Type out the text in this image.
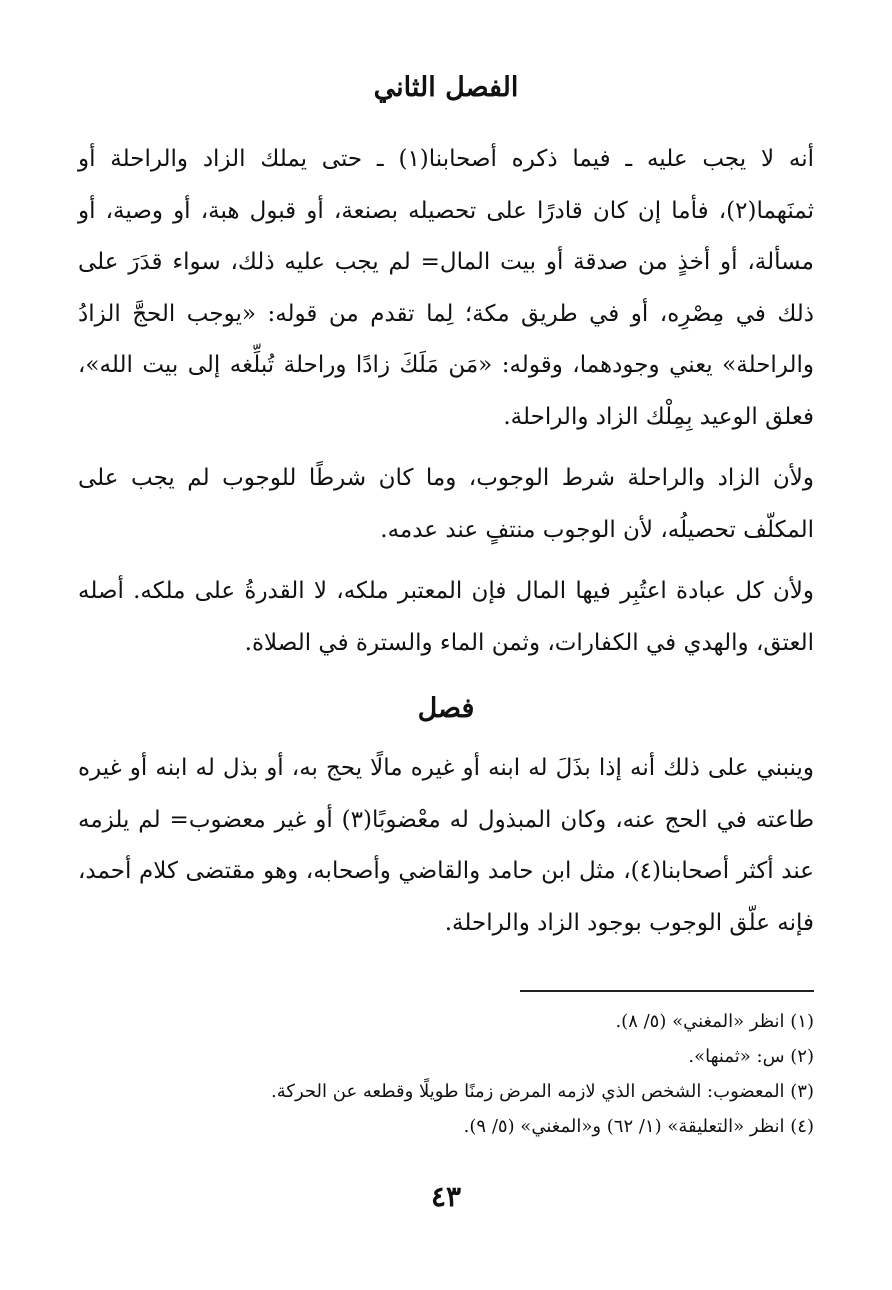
الفصل الثاني

أنه لا يجب عليه ـ فيما ذكره أصحابنا(١) ـ حتى يملك الزاد والراحلة أو ثمنَهما(٢)، فأما إن كان قادرًا على تحصيله بصنعة، أو قبول هبة، أو وصية، أو مسألة، أو أخذٍ من صدقة أو بيت المال= لم يجب عليه ذلك، سواء قدَرَ على ذلك في مِصْرِه، أو في طريق مكة؛ لِما تقدم من قوله: «يوجب الحجَّ الزادُ والراحلة» يعني وجودهما، وقوله: «مَن مَلَكَ زادًا وراحلة تُبلِّغه إلى بيت الله»، فعلق الوعيد بِمِلْك الزاد والراحلة.

ولأن الزاد والراحلة شرط الوجوب، وما كان شرطًا للوجوب لم يجب على المكلّف تحصيلُه، لأن الوجوب منتفٍ عند عدمه.

ولأن كل عبادة اعتُبِر فيها المال فإن المعتبر ملكه، لا القدرةُ على ملكه. أصله العتق، والهدي في الكفارات، وثمن الماء والسترة في الصلاة.

فصل

وينبني على ذلك أنه إذا بذَلَ له ابنه أو غيره مالًا يحج به، أو بذل له ابنه أو غيره طاعته في الحج عنه، وكان المبذول له معْضوبًا(٣) أو غير معضوب= لم يلزمه عند أكثر أصحابنا(٤)، مثل ابن حامد والقاضي وأصحابه، وهو مقتضى كلام أحمد، فإنه علّق الوجوب بوجود الزاد والراحلة.

(١) انظر «المغني» (٥/ ٨).
(٢) س: «ثمنها».
(٣) المعضوب: الشخص الذي لازمه المرض زمنًا طويلًا وقطعه عن الحركة.
(٤) انظر «التعليقة» (١/ ٦٢) و«المغني» (٥/ ٩).
٤٣
